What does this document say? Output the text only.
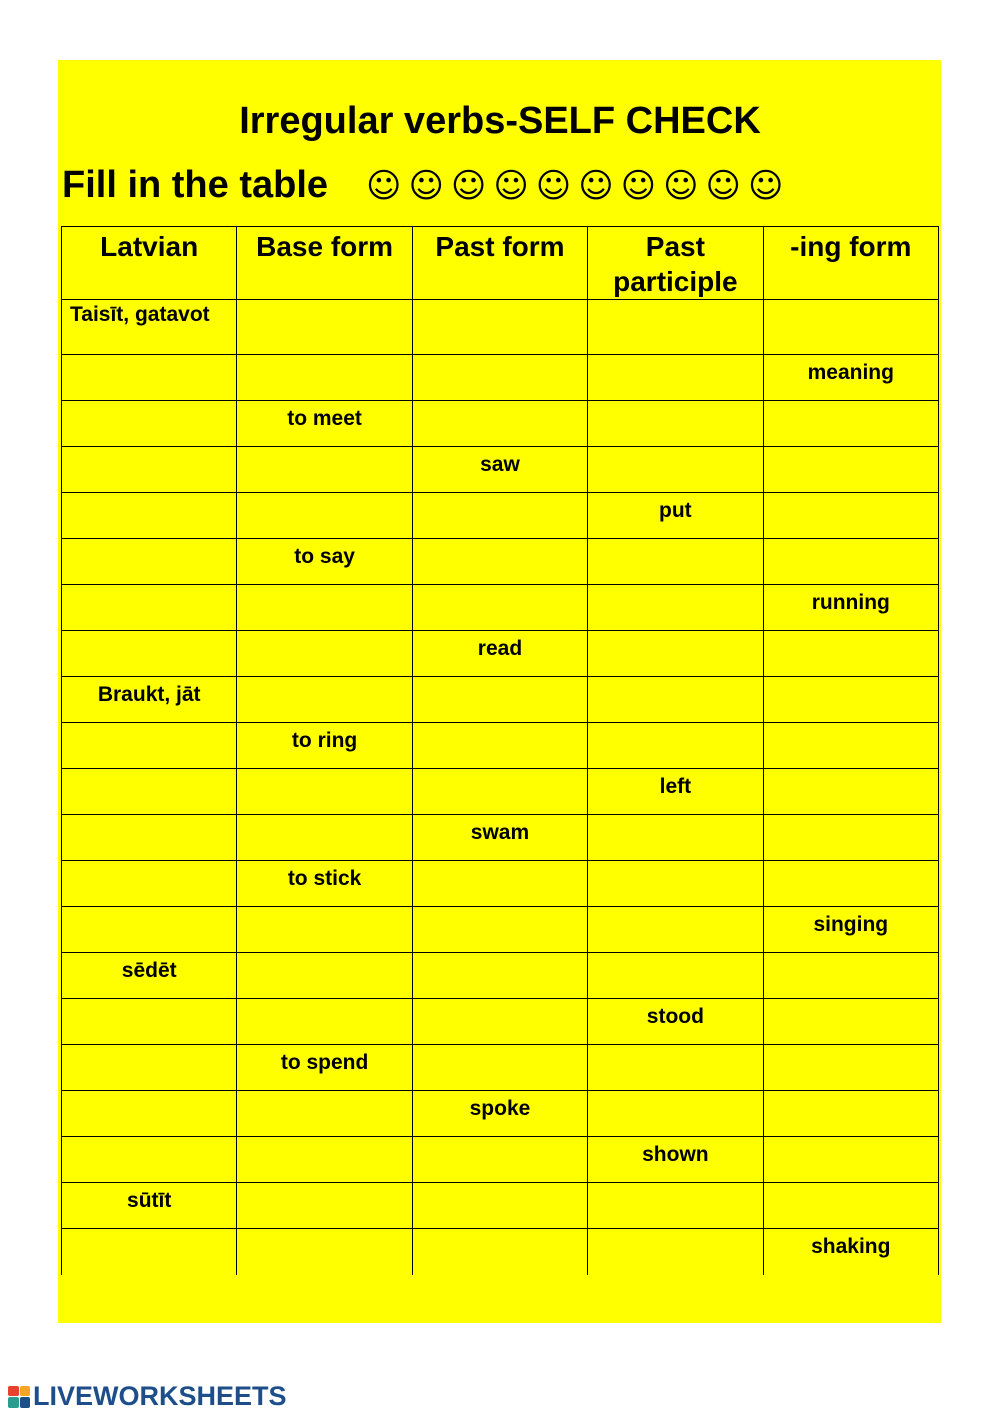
Irregular verbs-SELF CHECK
Fill in the table ☺☺☺☺☺☺☺☺☺☺
Latvian	Base form	Past form	Past participle	-ing form
Taisīt, gatavot				
				meaning
	to meet			
		saw		
			put	
	to say			
				running
		read		
Braukt, jāt				
	to ring			
			left	
		swam		
	to stick			
				singing
sēdēt				
			stood	
	to spend			
		spoke		
			shown	
sūtīt				
				shaking
LIVEWORKSHEETS
